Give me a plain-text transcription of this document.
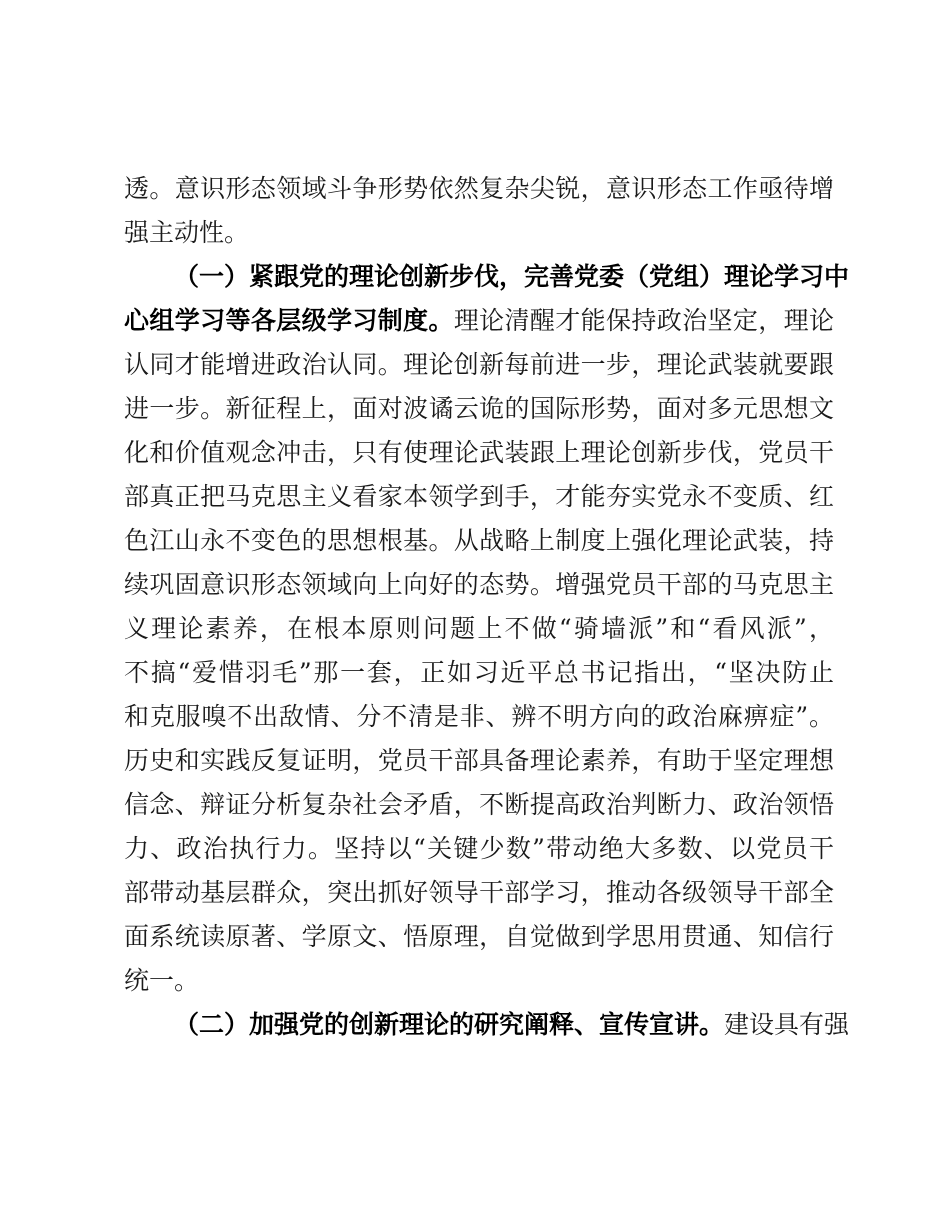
透。意识形态领域斗争形势依然复杂尖锐，意识形态工作亟待增

强主动性。

（一）紧跟党的理论创新步伐，完善党委（党组）理论学习中

心组学习等各层级学习制度。理论清醒才能保持政治坚定，理论

认同才能增进政治认同。理论创新每前进一步，理论武装就要跟

进一步。新征程上，面对波谲云诡的国际形势，面对多元思想文

化和价值观念冲击，只有使理论武装跟上理论创新步伐，党员干

部真正把马克思主义看家本领学到手，才能夯实党永不变质、红

色江山永不变色的思想根基。从战略上制度上强化理论武装，持

续巩固意识形态领域向上向好的态势。增强党员干部的马克思主

义理论素养，在根本原则问题上不做“骑墙派”和“看风派”，

不搞“爱惜羽毛”那一套，正如习近平总书记指出，“坚决防止

和克服嗅不出敌情、分不清是非、辨不明方向的政治麻痹症”。

历史和实践反复证明，党员干部具备理论素养，有助于坚定理想

信念、辩证分析复杂社会矛盾，不断提高政治判断力、政治领悟

力、政治执行力。坚持以“关键少数”带动绝大多数、以党员干

部带动基层群众，突出抓好领导干部学习，推动各级领导干部全

面系统读原著、学原文、悟原理，自觉做到学思用贯通、知信行

统一。

（二）加强党的创新理论的研究阐释、宣传宣讲。建设具有强
